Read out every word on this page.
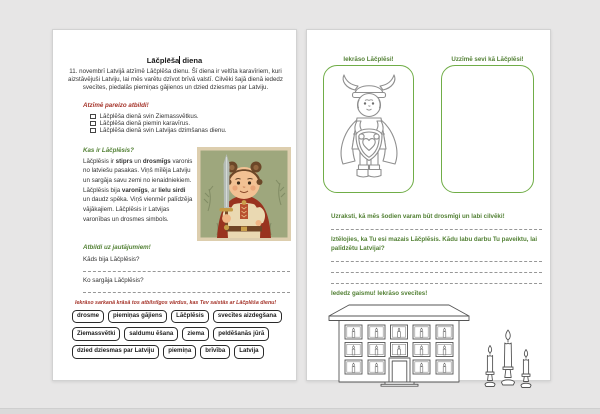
Lāčplēša diena
11. novembrī Latvijā atzīmē Lāčplēša dienu. Šī diena ir veltīta karavīriem, kuri aizstāvējuši Latviju, lai mēs varētu dzīvot brīvā valstī. Cilvēki šajā dienā iededz svecītes, piedalās piemiņas gājienos un dzied dziesmas par Latviju.
Atzīmē pareizo atbildi!
Lāčplēša dienā svin Ziemassvētkus.
Lāčplēša dienā piemin karavīrus.
Lāčplēša dienā svin Latvijas dzimšanas dienu.
Kas ir Lāčplēsis?
Lāčplēsis ir stiprs un drosmīgs varonis no latviešu pasakas. Viņš mīlēja Latviju un sargāja savu zemi no ienaidniekiem. Lāčplēsis bija varonīgs, ar lielu sirdi un daudz spēka. Viņš vienmēr palīdzēja vājākajiem. Lāčplēsis ir Latvijas varonības un drosmes simbols.
Atbildi uz jautājumiem!
Kāds bija Lāčplēsis?
Ko sargāja Lāčplēsis?
Iekrāso sarkanā krāsā tos atbilstīgos vārdus, kas Tev saistās ar Lāčplēša dienu!
drosme	piemiņas gājiens	Lāčplēsis	svecītes aizdegšana
Ziemassvētki	saldumu ēšana	ziema	peldēšanās jūrā
dzied dziesmas par Latviju	piemiņa	brīvība	Latvija
Iekrāso Lāčplēsi!	Uzzīmē sevi kā Lāčplēsi!
Uzraksti, kā mēs šodien varam būt drosmīgi un labi cilvēki!
Iztēlojies, ka Tu esi mazais Lāčplēsis. Kādu labu darbu Tu paveiktu, lai palīdzētu Latvijai?
Iededz gaismu! Iekrāso svecītes!
